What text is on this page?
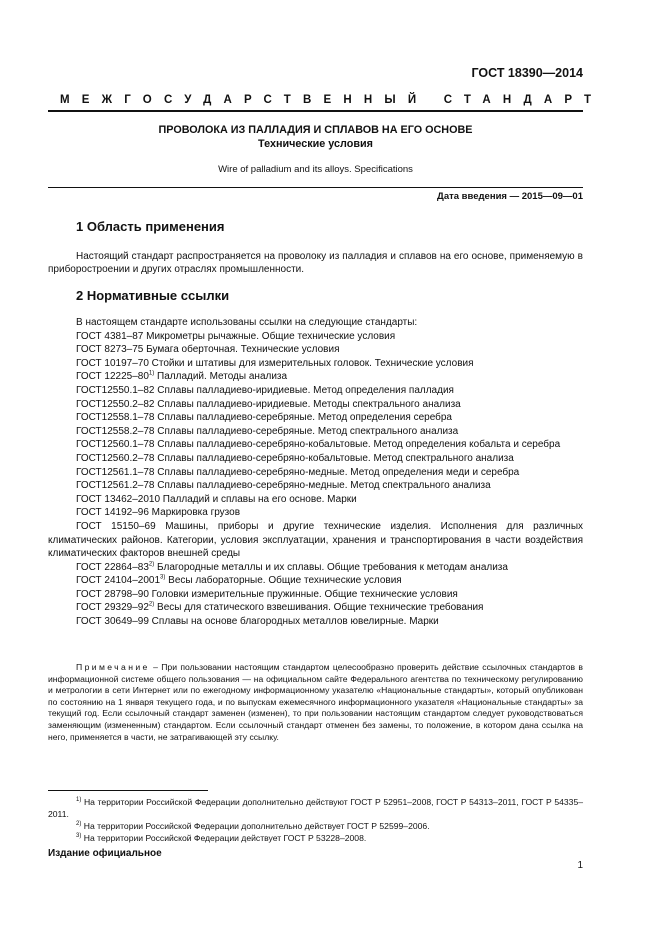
ГОСТ 18390—2014
МЕЖГОСУДАРСТВЕННЫЙ СТАНДАРТ
ПРОВОЛОКА ИЗ ПАЛЛАДИЯ И СПЛАВОВ НА ЕГО ОСНОВЕ
Технические условия
Wire of palladium and its alloys. Specifications
Дата введения — 2015—09—01
1 Область применения
Настоящий стандарт распространяется на проволоку из палладия и сплавов на его основе, применяемую в приборостроении и других отраслях промышленности.
2 Нормативные ссылки
В настоящем стандарте использованы ссылки на следующие стандарты:
ГОСТ 4381–87 Микрометры рычажные. Общие технические условия
ГОСТ 8273–75 Бумага оберточная. Технические условия
ГОСТ 10197–70 Стойки и штативы для измерительных головок. Технические условия
ГОСТ 12225–80$^{1)}$ Палладий. Методы анализа
ГОСТ12550.1–82 Сплавы палладиево-иридиевые. Метод определения палладия
ГОСТ12550.2–82 Сплавы палладиево-иридиевые. Методы спектрального анализа
ГОСТ12558.1–78 Сплавы палладиево-серебряные. Метод определения серебра
ГОСТ12558.2–78 Сплавы палладиево-серебряные. Метод спектрального анализа
ГОСТ12560.1–78 Сплавы палладиево-серебряно-кобальтовые. Метод определения кобальта и серебра
ГОСТ12560.2–78 Сплавы палладиево-серебряно-кобальтовые. Метод спектрального анализа
ГОСТ12561.1–78 Сплавы палладиево-серебряно-медные. Метод определения меди и серебра
ГОСТ12561.2–78 Сплавы палладиево-серебряно-медные. Метод спектрального анализа
ГОСТ 13462–2010 Палладий и сплавы на его основе. Марки
ГОСТ 14192–96 Маркировка грузов
ГОСТ 15150–69 Машины, приборы и другие технические изделия. Исполнения для различных климатических районов. Категории, условия эксплуатации, хранения и транспортирования в части воздействия климатических факторов внешней среды
ГОСТ 22864–83$^{2)}$ Благородные металлы и их сплавы. Общие требования к методам анализа
ГОСТ 24104–2001$^{3)}$ Весы лабораторные. Общие технические условия
ГОСТ 28798–90 Головки измерительные пружинные. Общие технические условия
ГОСТ 29329–92$^{2)}$ Весы для статического взвешивания. Общие технические требования
ГОСТ 30649–99 Сплавы на основе благородных металлов ювелирные. Марки
Примечание – При пользовании настоящим стандартом целесообразно проверить действие ссылочных стандартов в информационной системе общего пользования — на официальном сайте Федерального агентства по техническому регулированию и метрологии в сети Интернет или по ежегодному информационному указателю «Национальные стандарты», который опубликован по состоянию на 1 января текущего года, и по выпускам ежемесячного информационного указателя «Национальные стандарты» за текущий год. Если ссылочный стандарт заменен (изменен), то при пользовании настоящим стандартом следует руководствоваться заменяющим (измененным) стандартом. Если ссылочный стандарт отменен без замены, то положение, в котором дана ссылка на него, применяется в части, не затрагивающей эту ссылку.
$^{1)}$ На территории Российской Федерации дополнительно действуют ГОСТ Р 52951–2008, ГОСТ Р 54313–2011, ГОСТ Р 54335–2011.
$^{2)}$ На территории Российской Федерации дополнительно действует ГОСТ Р 52599–2006.
$^{3)}$ На территории Российской Федерации действует ГОСТ Р 53228–2008.
Издание официальное
1
